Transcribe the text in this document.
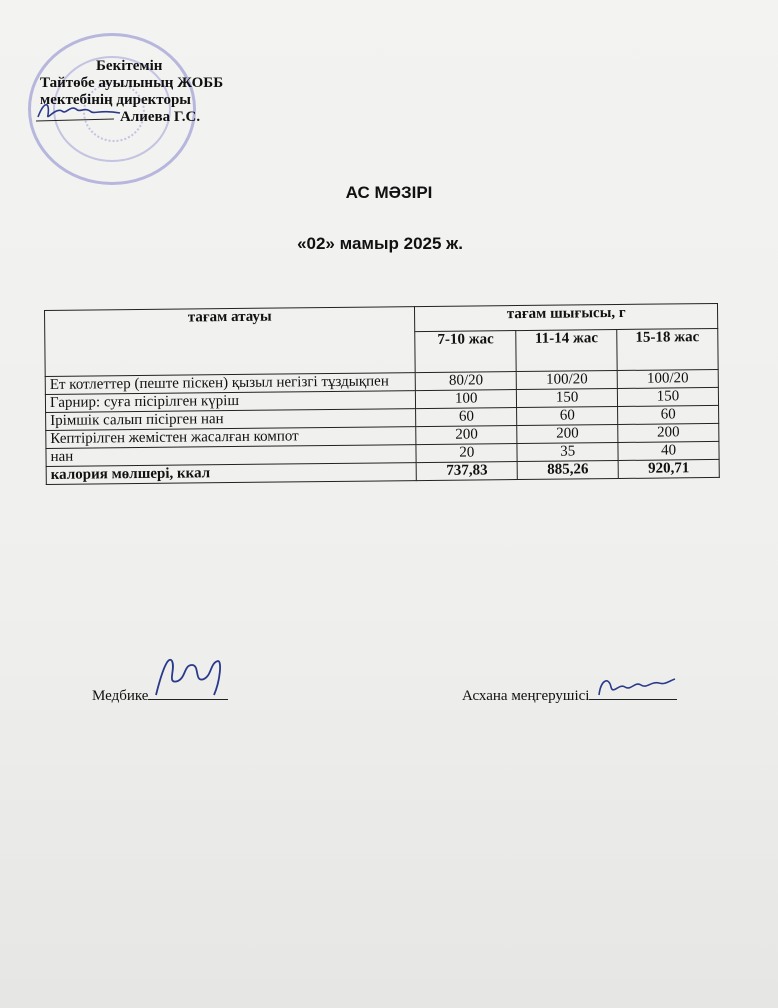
Бекітемін
Тайтөбе ауылының ЖОББ
мектебінің директоры
Алиева Г.С.
АС МӘЗІРІ
«02» мамыр 2025 ж.
тағам атауы	тағам шығысы, г		
	7-10 жас	11-14 жас	15-18 жас
Ет котлеттер (пеште піскен) қызыл негізгі тұздықпен	80/20	100/20	100/20
Гарнир: суға пісірілген күріш	100	150	150
Ірімшік салып пісірген нан	60	60	60
Кептірілген жемістен жасалған компот	200	200	200
нан	20	35	40
калория мөлшері, ккал	737,83	885,26	920,71
Медбике	Асхана меңгерушісі
